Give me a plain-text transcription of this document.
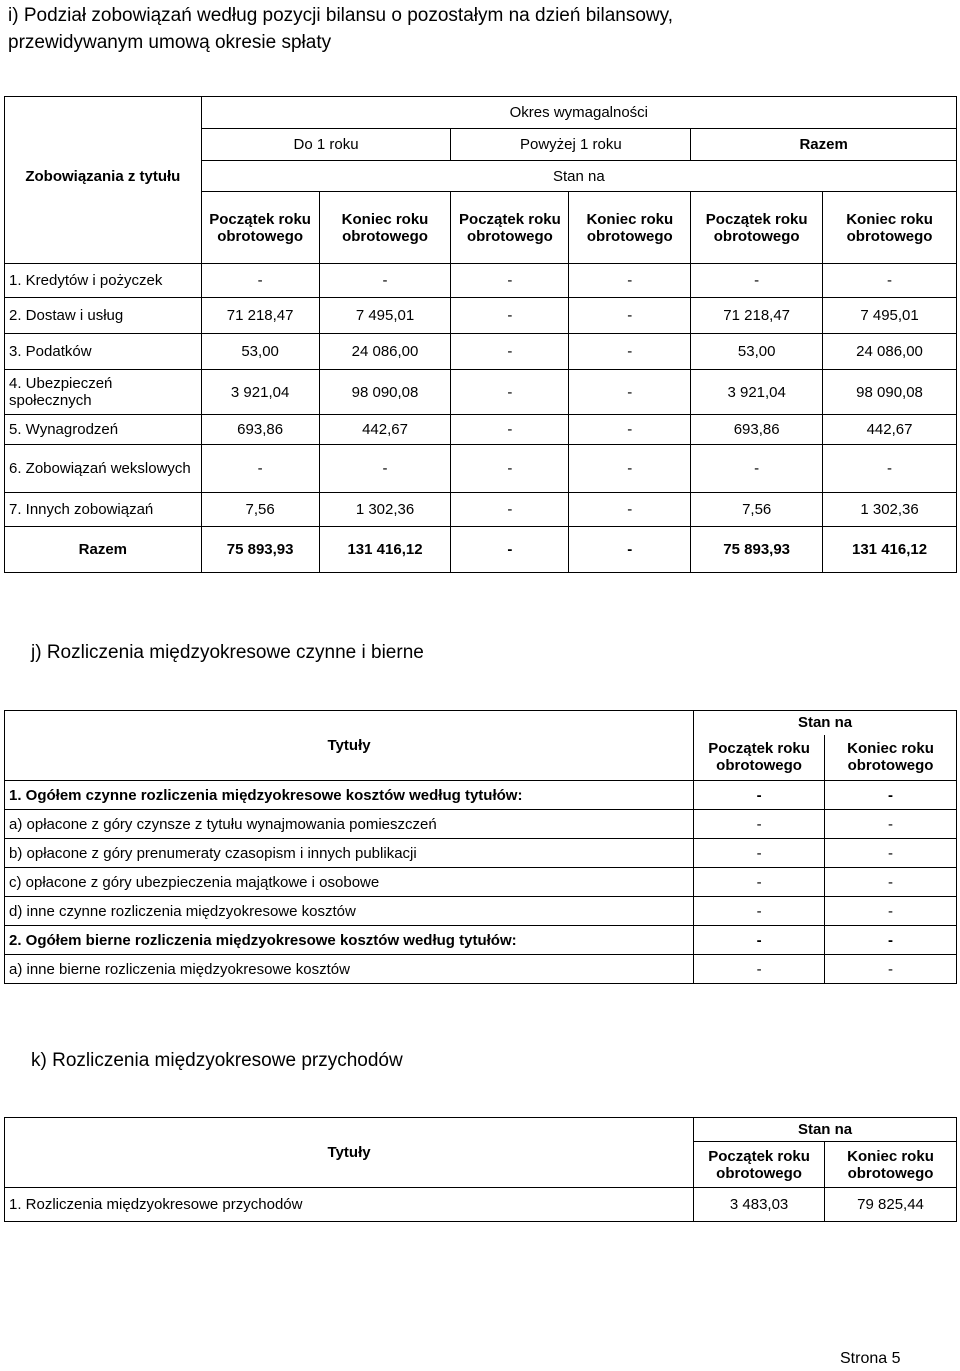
i) Podział zobowiązań według pozycji bilansu o pozostałym na dzień bilansowy,
przewidywanym umową okresie spłaty
	Okres wymagalności					
	Do 1 roku		Powyżej 1 roku		Razem	
Zobowiązania z tytułu	Stan na					
	Początek roku obrotowego	Koniec roku obrotowego	Początek roku obrotowego	Koniec roku obrotowego	Początek roku obrotowego	Koniec roku obrotowego
1. Kredytów i pożyczek	-	-	-	-	-	-
2. Dostaw i usług	71 218,47	7 495,01	-	-	71 218,47	7 495,01
3. Podatków	53,00	24 086,00	-	-	53,00	24 086,00
4. Ubezpieczeń społecznych	3 921,04	98 090,08	-	-	3 921,04	98 090,08
5. Wynagrodzeń	693,86	442,67	-	-	693,86	442,67
6. Zobowiązań wekslowych	-	-	-	-	-	-
7. Innych zobowiązań	7,56	1 302,36	-	-	7,56	1 302,36
Razem	75 893,93	131 416,12	-	-	75 893,93	131 416,12
j) Rozliczenia międzyokresowe czynne i bierne
Tytuły	Stan na	
	Początek roku obrotowego	Koniec roku obrotowego
1. Ogółem czynne rozliczenia międzyokresowe kosztów według tytułów:	-	-
a) opłacone z góry czynsze z tytułu wynajmowania pomieszczeń	-	-
b) opłacone z góry prenumeraty czasopism i innych publikacji	-	-
c) opłacone z góry ubezpieczenia majątkowe i osobowe	-	-
d) inne czynne rozliczenia międzyokresowe kosztów	-	-
2. Ogółem bierne rozliczenia międzyokresowe kosztów według tytułów:	-	-
a) inne bierne rozliczenia międzyokresowe kosztów	-	-
k) Rozliczenia międzyokresowe przychodów
Tytuły	Stan na	
	Początek roku obrotowego	Koniec roku obrotowego
1. Rozliczenia międzyokresowe przychodów	3 483,03	79 825,44
Strona 5
